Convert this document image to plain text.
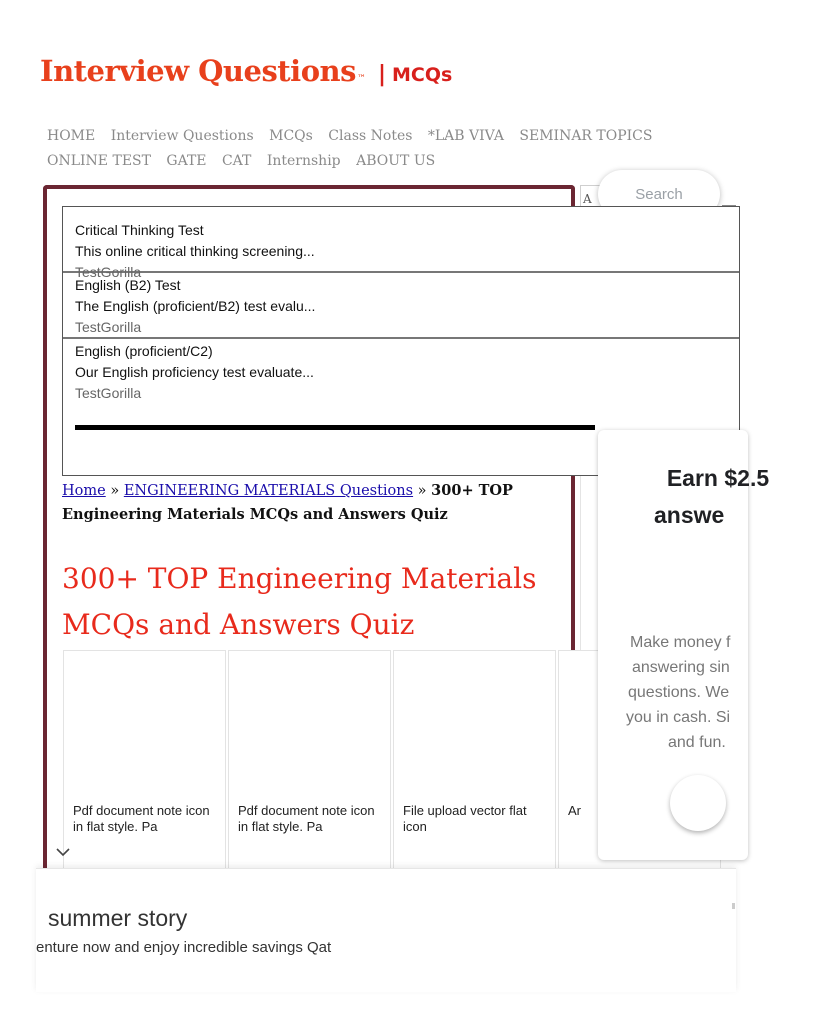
Interview Questions ™ | MCQs
HOME Interview Questions MCQs Class Notes *LAB VIVA SEMINAR TOPICS
ONLINE TEST GATE CAT Internship ABOUT US
A	Search
Critical Thinking Test
This online critical thinking screening...
TestGorilla
English (B2) Test
The English (proficient/B2) test evalu...
TestGorilla
English (proficient/C2)
Our English proficiency test evaluate...
TestGorilla
Home » ENGINEERING MATERIALS Questions » 300+ TOP Engineering Materials MCQs and Answers Quiz
300+ TOP Engineering Materials MCQs and Answers Quiz
Pdf document note icon in flat style. Pa
Pdf document note icon in flat style. Pa
File upload vector flat icon
Ar
Earn $2.5
answe
Make money f
answering sin
questions. We
you in cash. Si
and fun.
summer story
enture now and enjoy incredible savings Qat
